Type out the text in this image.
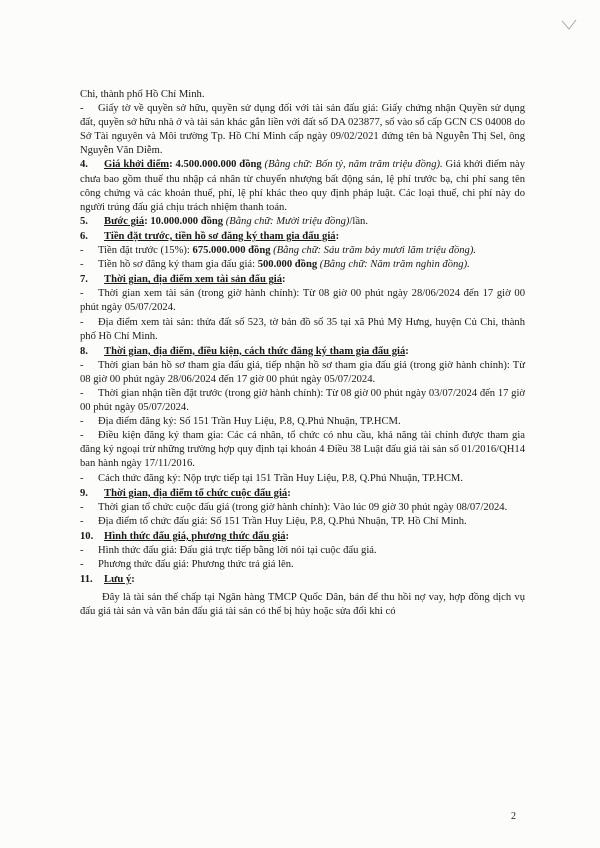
Chi, thành phố Hồ Chí Minh.

- Giấy tờ về quyền sở hữu, quyền sử dụng đối với tài sản đấu giá: Giấy chứng nhận Quyền sử dụng đất, quyền sở hữu nhà ở và tài sản khác gắn liền với đất số DA 023877, số vào sổ cấp GCN CS 04008 do Sở Tài nguyên và Môi trường Tp. Hồ Chí Minh cấp ngày 09/02/2021 đứng tên bà Nguyễn Thị Sel, ông Nguyễn Văn Diễm.

4. Giá khởi điểm: 4.500.000.000 đồng (Bằng chữ: Bốn tỷ, năm trăm triệu đồng). Giá khởi điểm này chưa bao gồm thuế thu nhập cá nhân từ chuyển nhượng bất động sản, lệ phí trước bạ, chi phí sang tên công chứng và các khoản thuế, phí, lệ phí khác theo quy định pháp luật. Các loại thuế, chi phí này do người trúng đấu giá chịu trách nhiệm thanh toán.

5. Bước giá: 10.000.000 đồng (Bằng chữ: Mười triệu đồng)/lần.

6. Tiền đặt trước, tiền hồ sơ đăng ký tham gia đấu giá:

- Tiền đặt trước (15%): 675.000.000 đồng (Bằng chữ: Sáu trăm bảy mươi lăm triệu đồng).

- Tiền hồ sơ đăng ký tham gia đấu giá: 500.000 đồng (Bằng chữ: Năm trăm nghìn đồng).

7. Thời gian, địa điểm xem tài sản đấu giá:

- Thời gian xem tài sản (trong giờ hành chính): Từ 08 giờ 00 phút ngày 28/06/2024 đến 17 giờ 00 phút ngày 05/07/2024.

- Địa điểm xem tài sản: thửa đất số 523, tờ bản đồ số 35 tại xã Phú Mỹ Hưng, huyện Củ Chi, thành phố Hồ Chí Minh.

8. Thời gian, địa điểm, điều kiện, cách thức đăng ký tham gia đấu giá:

- Thời gian bán hồ sơ tham gia đấu giá, tiếp nhận hồ sơ tham gia đấu giá (trong giờ hành chính): Từ 08 giờ 00 phút ngày 28/06/2024 đến 17 giờ 00 phút ngày 05/07/2024.

- Thời gian nhận tiền đặt trước (trong giờ hành chính): Từ 08 giờ 00 phút ngày 03/07/2024 đến 17 giờ 00 phút ngày 05/07/2024.

- Địa điểm đăng ký: Số 151 Trần Huy Liệu, P.8, Q.Phú Nhuận, TP.HCM.

- Điều kiện đăng ký tham gia: Các cá nhân, tổ chức có nhu cầu, khả năng tài chính được tham gia đăng ký ngoại trừ những trường hợp quy định tại khoản 4 Điều 38 Luật đấu giá tài sản số 01/2016/QH14 ban hành ngày 17/11/2016.

- Cách thức đăng ký: Nộp trực tiếp tại 151 Trần Huy Liệu, P.8, Q.Phú Nhuận, TP.HCM.

9. Thời gian, địa điểm tổ chức cuộc đấu giá:

- Thời gian tổ chức cuộc đấu giá (trong giờ hành chính): Vào lúc 09 giờ 30 phút ngày 08/07/2024.

- Địa điểm tổ chức đấu giá: Số 151 Trần Huy Liệu, P.8, Q.Phú Nhuận, TP. Hồ Chí Minh.

10. Hình thức đấu giá, phương thức đấu giá:

- Hình thức đấu giá: Đấu giá trực tiếp bằng lời nói tại cuộc đấu giá.

- Phương thức đấu giá: Phương thức trả giá lên.

11. Lưu ý:

Đây là tài sản thế chấp tại Ngân hàng TMCP Quốc Dân, bán để thu hồi nợ vay, hợp đồng dịch vụ đấu giá tài sản và văn bản đấu giá tài sản có thể bị hủy hoặc sửa đổi khi có

2
